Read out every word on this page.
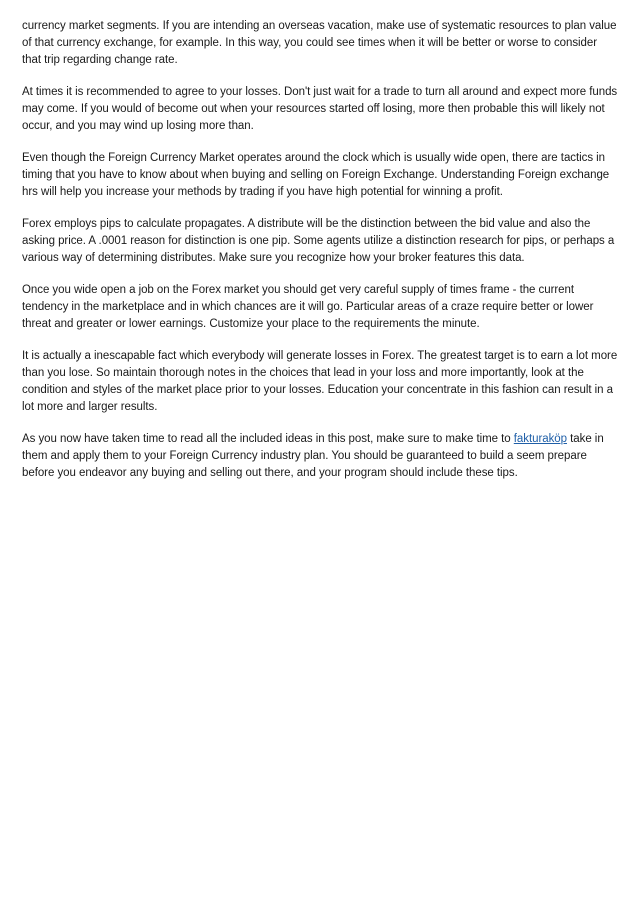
currency market segments. If you are intending an overseas vacation, make use of systematic resources to plan value of that currency exchange, for example. In this way, you could see times when it will be better or worse to consider that trip regarding change rate.

At times it is recommended to agree to your losses. Don't just wait for a trade to turn all around and expect more funds may come. If you would of become out when your resources started off losing, more then probable this will likely not occur, and you may wind up losing more than.

Even though the Foreign Currency Market operates around the clock which is usually wide open, there are tactics in timing that you have to know about when buying and selling on Foreign Exchange. Understanding Foreign exchange hrs will help you increase your methods by trading if you have high potential for winning a profit.

Forex employs pips to calculate propagates. A distribute will be the distinction between the bid value and also the asking price. A .0001 reason for distinction is one pip. Some agents utilize a distinction research for pips, or perhaps a various way of determining distributes. Make sure you recognize how your broker features this data.

Once you wide open a job on the Forex market you should get very careful supply of times frame - the current tendency in the marketplace and in which chances are it will go. Particular areas of a craze require better or lower threat and greater or lower earnings. Customize your place to the requirements the minute.

It is actually a inescapable fact which everybody will generate losses in Forex. The greatest target is to earn a lot more than you lose. So maintain thorough notes in the choices that lead in your loss and more importantly, look at the condition and styles of the market place prior to your losses. Education your concentrate in this fashion can result in a lot more and larger results.

As you now have taken time to read all the included ideas in this post, make sure to make time to fakturaköp take in them and apply them to your Foreign Currency industry plan. You should be guaranteed to build a seem prepare before you endeavor any buying and selling out there, and your program should include these tips.
